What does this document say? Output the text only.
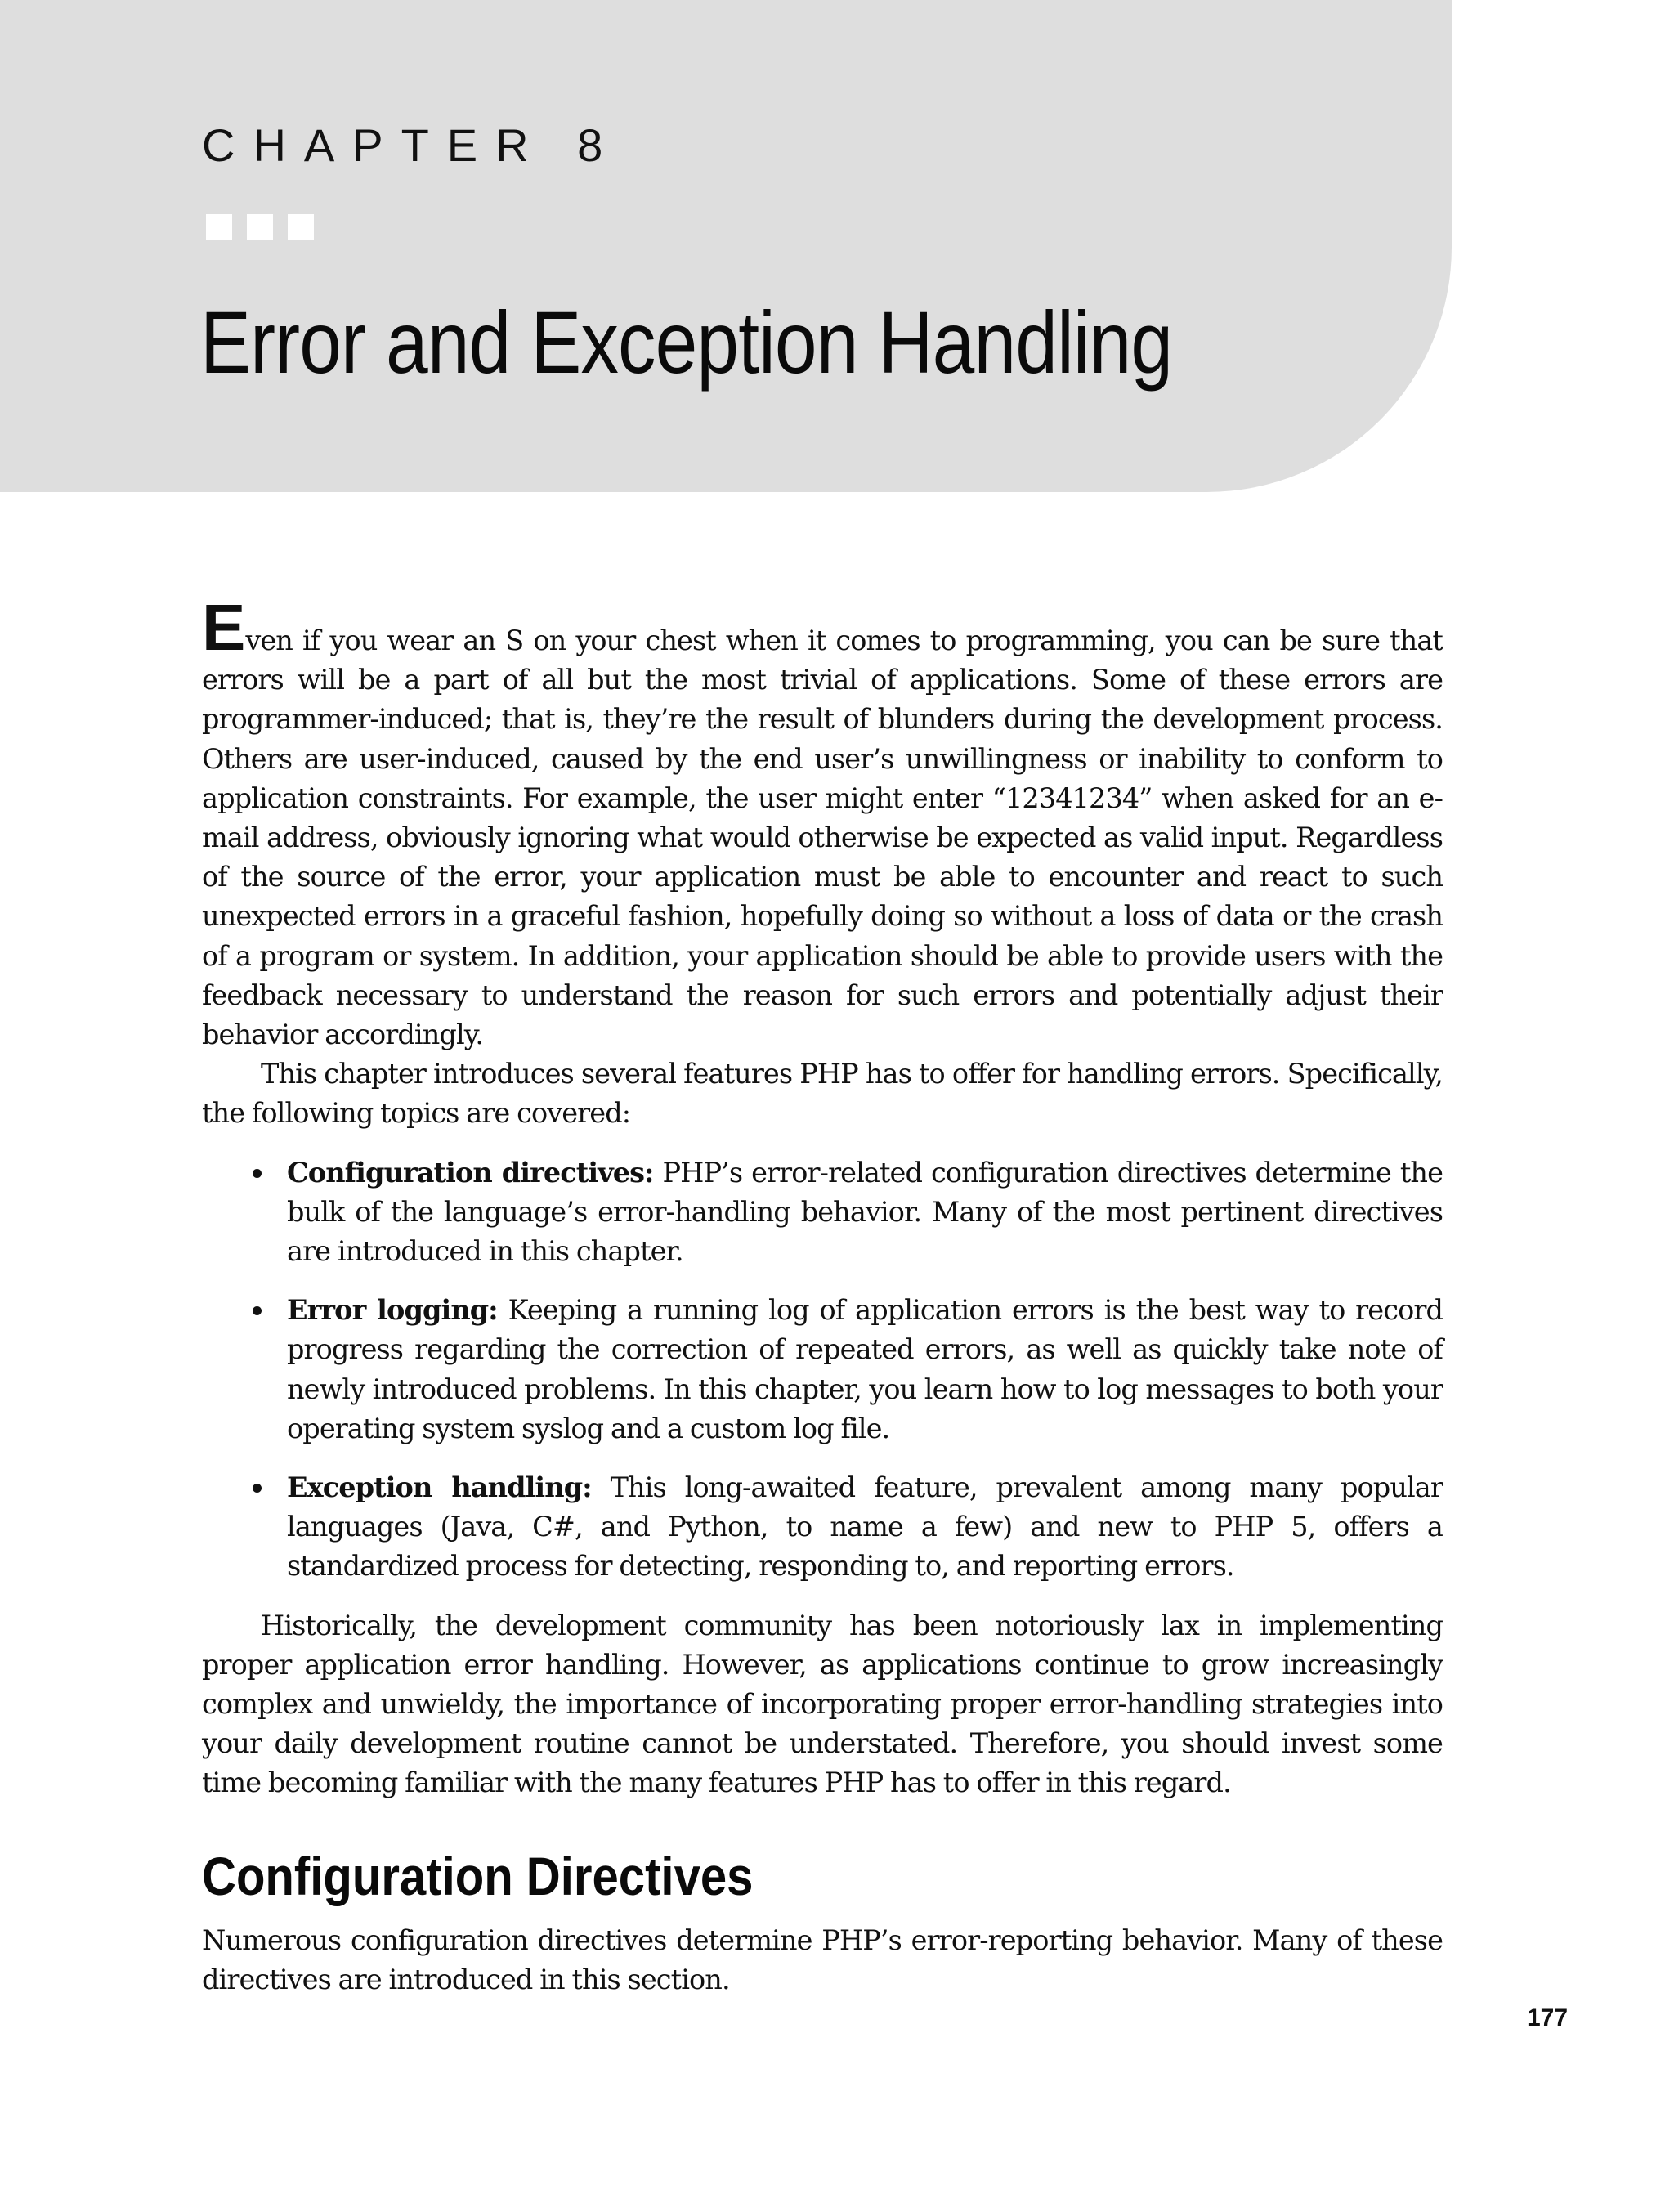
CHAPTER 8
Error and Exception Handling

Even if you wear an S on your chest when it comes to programming, you can be sure that errors will be a part of all but the most trivial of applications. Some of these errors are programmer-induced; that is, they’re the result of blunders during the development process. Others are user-induced, caused by the end user’s unwillingness or inability to conform to application constraints. For example, the user might enter “12341234” when asked for an e-mail address, obviously ignoring what would otherwise be expected as valid input. Regardless of the source of the error, your application must be able to encounter and react to such unexpected errors in a graceful fashion, hopefully doing so without a loss of data or the crash of a program or system. In addition, your application should be able to provide users with the feedback necessary to understand the reason for such errors and potentially adjust their behavior accordingly.

This chapter introduces several features PHP has to offer for handling errors. Specifically, the following topics are covered:

Configuration directives: PHP’s error-related configuration directives determine the bulk of the language’s error-handling behavior. Many of the most pertinent directives are introduced in this chapter.
Error logging: Keeping a running log of application errors is the best way to record progress regarding the correction of repeated errors, as well as quickly take note of newly introduced problems. In this chapter, you learn how to log messages to both your operating system syslog and a custom log file.
Exception handling: This long-awaited feature, prevalent among many popular languages (Java, C#, and Python, to name a few) and new to PHP 5, offers a standardized process for detecting, responding to, and reporting errors.

Historically, the development community has been notoriously lax in implementing proper application error handling. However, as applications continue to grow increasingly complex and unwieldy, the importance of incorporating proper error-handling strategies into your daily development routine cannot be understated. Therefore, you should invest some time becoming familiar with the many features PHP has to offer in this regard.

Configuration Directives

Numerous configuration directives determine PHP’s error-reporting behavior. Many of these directives are introduced in this section.

177
